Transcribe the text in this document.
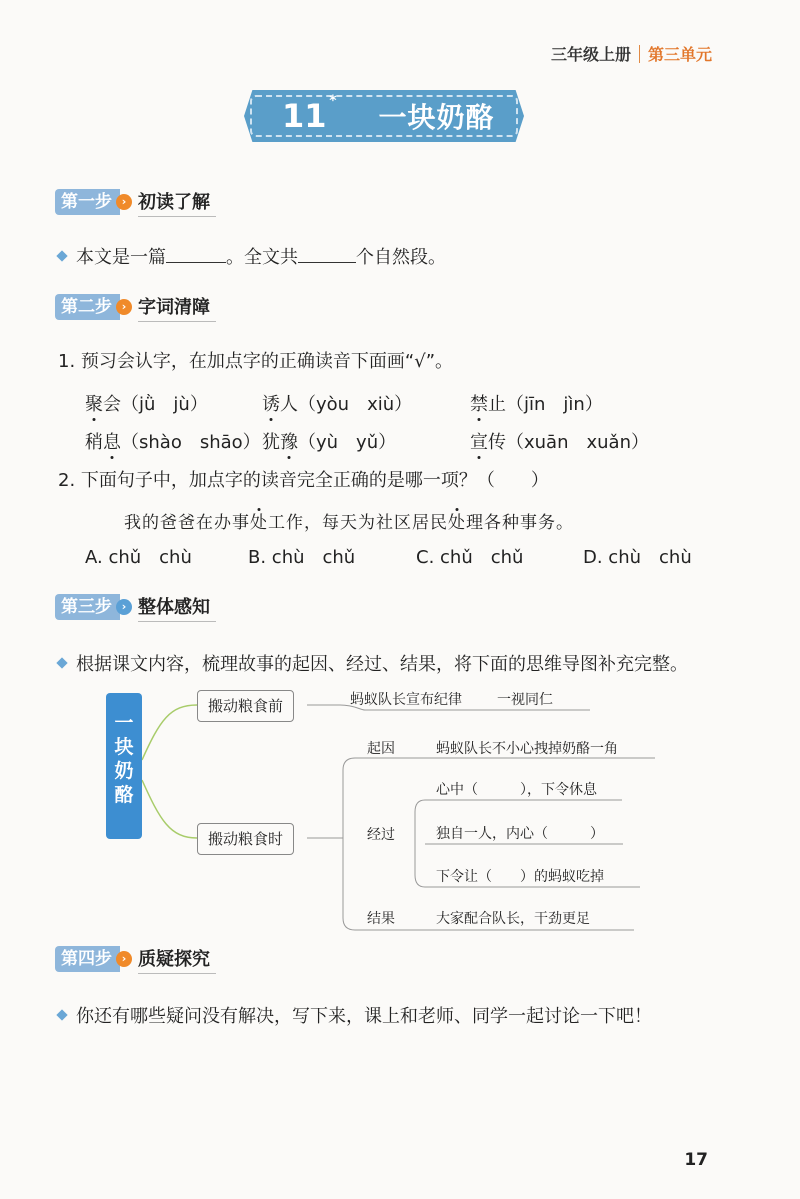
三年级上册 第三单元
11 * 一块奶酪
第一步 › 初读了解
本文是一篇	。全文共	个自然段。
第二步 › 字词清障
1. 预习会认字，在加点字的正确读音下面画“√”。
聚会（jǜ　jù）	诱人（yòu　xiù）	禁止（jīn　jìn）
稍息（shào　shāo） 犹豫（yù　yǔ）	宣传（xuān　xuǎn）
2. 下面句子中，加点字的读音完全正确的是哪一项？（　　）
我的爸爸在办事处工作，每天为社区居民处理各种事务。
A. chǔ　chù	B. chù　chǔ	C. chǔ　chǔ	D. chù　chù
第三步 › 整体感知
根据课文内容，梳理故事的起因、经过、结果，将下面的思维导图补充完整。
一
块
奶
酪
搬动粮食前	蚂蚁队长宣布纪律	一视同仁
搬动粮食时
起因	蚂蚁队长不小心拽掉奶酪一角
经过
心中（　　　），下令休息
独自一人，内心（　　　）
下令让（　　）的蚂蚁吃掉
结果	大家配合队长，干劲更足
第四步 › 质疑探究
你还有哪些疑问没有解决，写下来，课上和老师、同学一起讨论一下吧！
17
